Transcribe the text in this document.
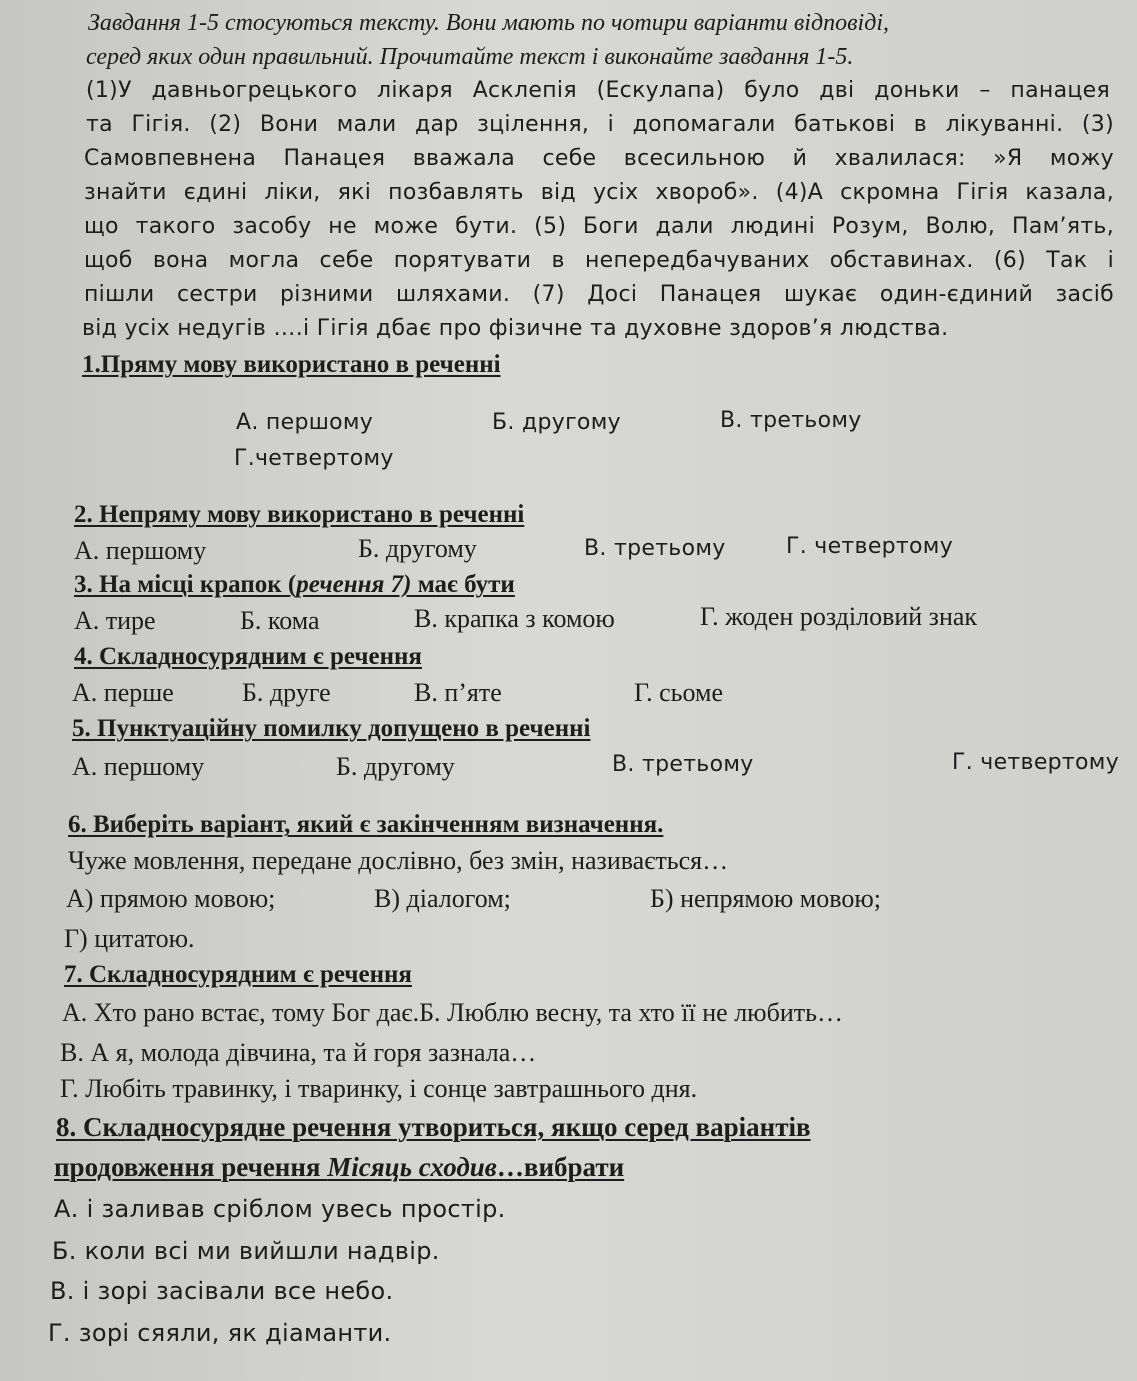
Завдання 1-5 стосуються тексту. Вони мають по чотири варіанти відповіді,
серед яких один правильний. Прочитайте текст і виконайте завдання 1-5.
(1)У давньогрецького лікаря Асклепія (Ескулапа) було дві доньки – панацея
та Гігія. (2) Вони мали дар зцілення, і допомагали батькові в лікуванні. (3)
Самовпевнена Панацея вважала себе всесильною й хвалилася: »Я можу
знайти єдині ліки, які позбавлять від усіх хвороб». (4)А скромна Гігія казала,
що такого засобу не може бути. (5) Боги дали людині Розум, Волю, Пам’ять,
щоб вона могла себе порятувати в непередбачуваних обставинах. (6) Так і
пішли сестри різними шляхами. (7) Досі Панацея шукає один-єдиний засіб
від усіх недугів ….і Гігія дбає про фізичне та духовне здоров’я людства.
1.Пряму мову використано в реченні
А. першому	Б. другому	В. третьому
Г.четвертому
2. Непряму мову використано в реченні
А. першому	Б. другому	В. третьому	Г. четвертому
3. На місці крапок (речення 7) має бути
А. тире	Б. кома	В. крапка з комою	Г. жоден розділовий знак
4. Складносурядним є речення
А. перше	Б. друге	В. п’яте	Г. сьоме
5. Пунктуаційну помилку допущено в реченні
А. першому	Б. другому	В. третьому	Г. четвертому
6. Виберіть варіант, який є закінченням визначення.
Чуже мовлення, передане дослівно, без змін, називається…
А) прямою мовою;	В) діалогом;	Б) непрямою мовою;
Г) цитатою.
7. Складносурядним є речення
А. Хто рано встає, тому Бог дає.Б. Люблю весну, та хто її не любить…
В. А я, молода дівчина, та й горя зазнала…
Г. Любіть травинку, і тваринку, і сонце завтрашнього дня.
8. Складносурядне речення утвориться, якщо серед варіантів
продовження речення Місяць сходив…вибрати
А. і заливав сріблом увесь простір.
Б. коли всі ми вийшли надвір.
В. і зорі засівали все небо.
Г. зорі сяяли, як діаманти.
